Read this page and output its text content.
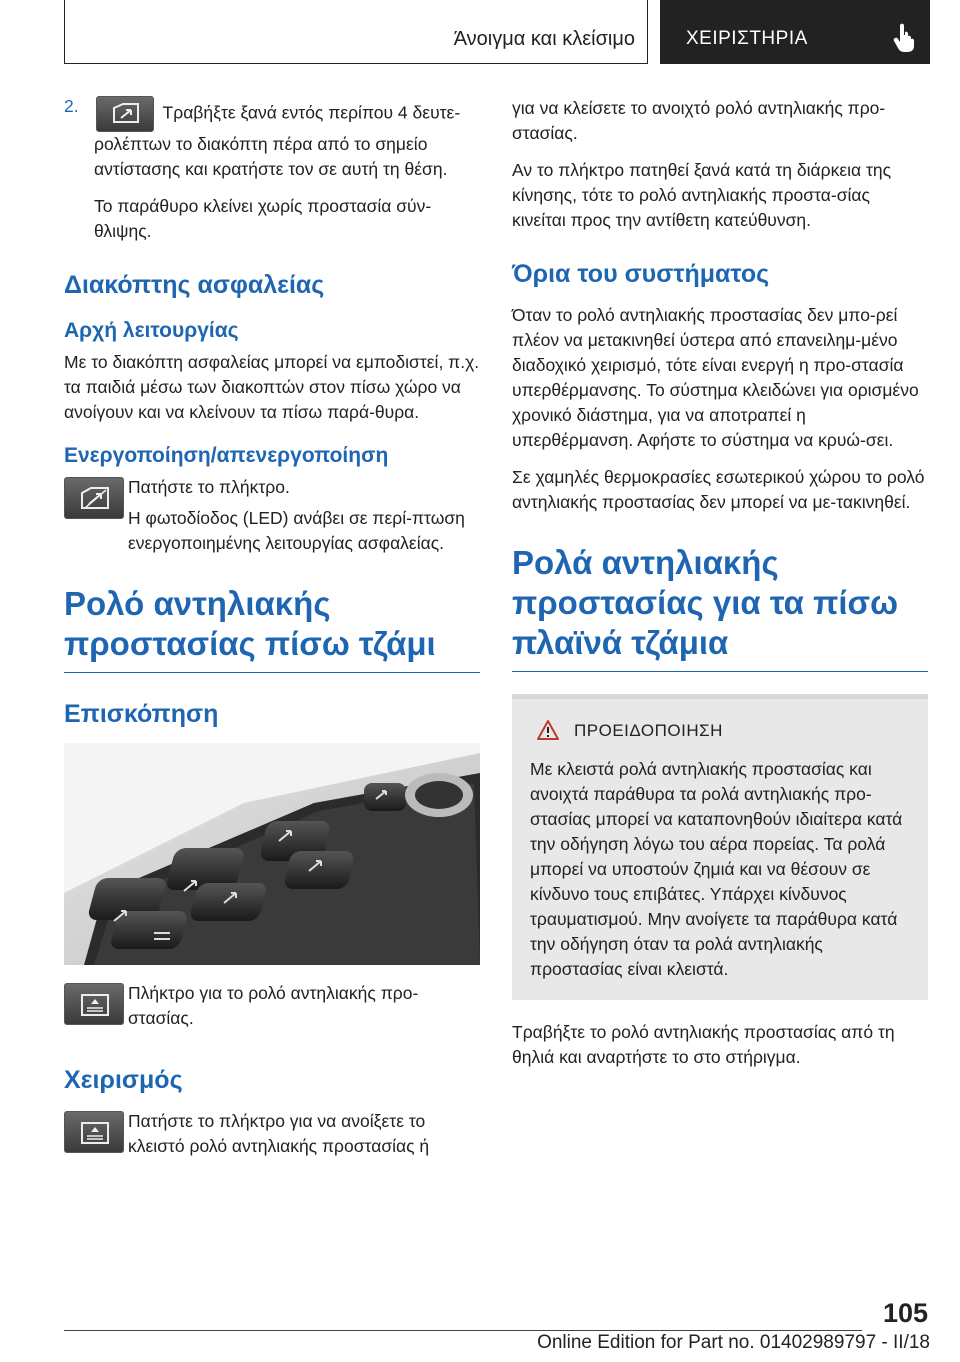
Άνοιγμα και κλείσιμο	ΧΕΙΡΙΣΤΗΡΙΑ
2.	Τραβήξτε ξανά εντός περίπου 4 δευτε‐ρολέπτων το διακόπτη πέρα από το σημείο αντίστασης και κρατήστε τον σε αυτή τη θέση.

Το παράθυρο κλείνει χωρίς προστασία σύν‐θλιψης.

Διακόπτης ασφαλείας
Αρχή λειτουργίας

Με το διακόπτη ασφαλείας μπορεί να εμποδιστεί, π.χ. τα παιδιά μέσω των διακοπτών στον πίσω χώρο να ανοίγουν και να κλείνουν τα πίσω παρά‐θυρα.

Ενεργοποίηση/απενεργοποίηση

Πατήστε το πλήκτρο.

Η φωτοδίοδος (LED) ανάβει σε περί‐πτωση ενεργοποιημένης λειτουργίας ασφαλείας.

Ρολό αντηλιακής προστασίας πίσω τζάμι
Επισκόπηση

Πλήκτρο για το ρολό αντηλιακής προ‐στασίας.

Χειρισμός

Πατήστε το πλήκτρο για να ανοίξετε το κλειστό ρολό αντηλιακής προστασίας ή

για να κλείσετε το ανοιχτό ρολό αντηλιακής προ‐στασίας.

Αν το πλήκτρο πατηθεί ξανά κατά τη διάρκεια της κίνησης, τότε το ρολό αντηλιακής προστα‐σίας κινείται προς την αντίθετη κατεύθυνση.

Όρια του συστήματος

Όταν το ρολό αντηλιακής προστασίας δεν μπο‐ρεί πλέον να μετακινηθεί ύστερα από επανειλημ‐μένο διαδοχικό χειρισμό, τότε είναι ενεργή η προ‐στασία υπερθέρμανσης. Το σύστημα κλειδώνει για ορισμένο χρονικό διάστημα, για να αποτραπεί η υπερθέρμανση. Αφήστε το σύστημα να κρυώ‐σει.

Σε χαμηλές θερμοκρασίες εσωτερικού χώρου το ρολό αντηλιακής προστασίας δεν μπορεί να με‐τακινηθεί.

Ρολά αντηλιακής προστασίας για τα πίσω πλαϊνά τζάμια
ΠΡΟΕΙΔΟΠΟΙΗΣΗ

Με κλειστά ρολά αντηλιακής προστασίας και ανοιχτά παράθυρα τα ρολά αντηλιακής προ‐στασίας μπορεί να καταπονηθούν ιδιαίτερα κατά την οδήγηση λόγω του αέρα πορείας. Τα ρολά μπορεί να υποστούν ζημιά και να θέσουν σε κίνδυνο τους επιβάτες. Υπάρχει κίνδυνος τραυματισμού. Μην ανοίγετε τα παράθυρα κατά την οδήγηση όταν τα ρολά αντηλιακής προστασίας είναι κλειστά.

Τραβήξτε το ρολό αντηλιακής προστασίας από τη θηλιά και αναρτήστε το στο στήριγμα.

105
Online Edition for Part no. 01402989797 - II/18
